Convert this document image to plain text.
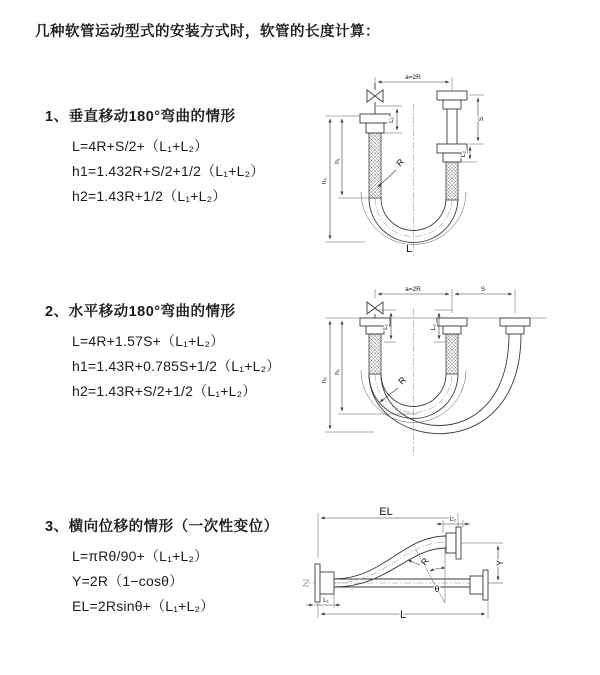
几种软管运动型式的安装方式时，软管的长度计算：
1、垂直移动180°弯曲的情形
L=4R+S/2+（L₁+L₂）
h1=1.432R+S/2+1/2（L₁+L₂）
h2=1.43R+1/2（L₁+L₂）
2、水平移动180°弯曲的情形
L=4R+1.57S+（L₁+L₂）
h1=1.43R+0.785S+1/2（L₁+L₂）
h2=1.43R+S/2+1/2（L₁+L₂）
3、横向位移的情形（一次性变位）
L=πRθ/90+（L₁+L₂）
Y=2R（1−cosθ）
EL=2Rsinθ+（L₁+L₂）
a=2R
R
L
h₂
h₁
L₁	S
L₂
a=2R	S
R
h₂
h₁
L₁	L₂
EL
L₂
Y
θ
R
L
L₁
